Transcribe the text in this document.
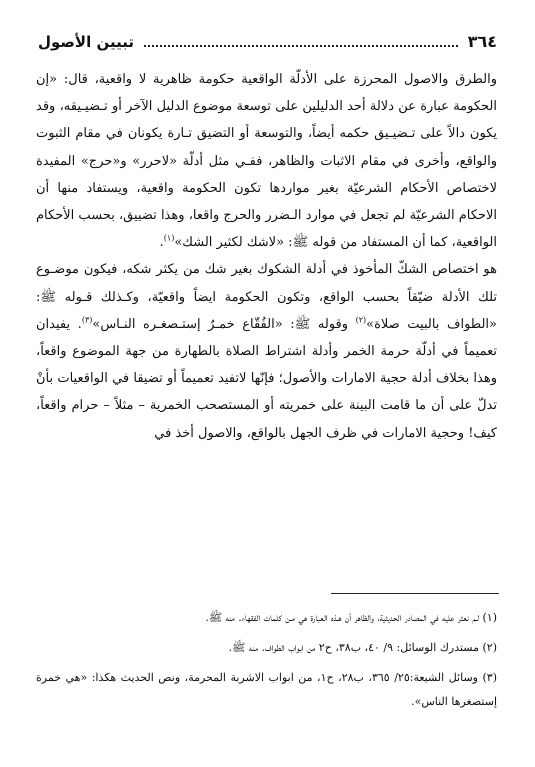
٣٦٤
تبيين الأصول

والطرق والاصول المحرزة على الأدلّة الواقعية حكومة ظاهرية لا واقعية، قال: «إن الحكومة عبارة عن دلالة أحد الدليلين على توسعة موضوع الدليل الآخر أو تـضيـيقه، وقد يكون دالاً على تـضيـيق حكمه أيضاً، والتوسعة أو التضيق تـارة يكونان في مقام الثبوت والواقع، وأخرى في مقام الاثبات والظاهر، ففـي مثل أدلّة «لاحرر» و«حرج» المفيدة لاختصاص الأحكام الشرعيّة بغير مواردها تكون الحكومة واقعية، ويستفاد منها أن الاحكام الشرعيّة لم تجعل في موارد الـضرر والحرج واقعا، وهذا تضييق، بحسب الأحكام الواقعية، كما أن المستفاد من قوله ﷺ: «لاشك لكثير الشك»$^{(١)}$.

هو اختصاص الشكّ المأخوذ في أدلة الشكوك بغير شك من يكثر شكه، فيكون موضـوع تلك الأدلة ضيّقاً بحسب الواقع، وتكون الحكومة ايضاً واقعيّة، وكـذلك قـوله ﷺ: «الطواف بالبيت صلاة»$^{(٢)}$ وقوله ﷺ: «الفُقّاع خمـرٌ إستـصغـره النـاس»$^{(٣)}$. يفيدان تعميماً في أدلّة حرمة الخمر وأدلة اشتراط الصلاة بالطهارة من جهة الموضوع واقعاً، وهذا بخلاف أدلة حجية الامارات والأصول؛ فإنّها لاتفيد تعميماً أو تضيقا في الواقعيات بأنْ تدلّ على أن ما قامت البينة على خمريته أو المستصحب الخمرية – مثلاً – حرام واقعاً، كيف! وحجية الامارات في ظرف الجهل بالواقع، والاصول أخذ في

(١) لـم نعثر عليه في المصادر الحديثية، والظاهر أن هـذه العبارة هي مـن كلمات الفقهاء. منه ﷺ.

(٢) مستدرك الوسائل: ٩/ ٤٠، ب٣٨، ح٢ من ابواب الطواف. منه ﷺ.

(٣) وسائل الشيعة:٢٥/ ٣٦٥، ب٢٨، ح١، من ابواب الاشربة المحرمة، ونص الحديث هكذا: «هي خمرة إستصغرها الناس».
